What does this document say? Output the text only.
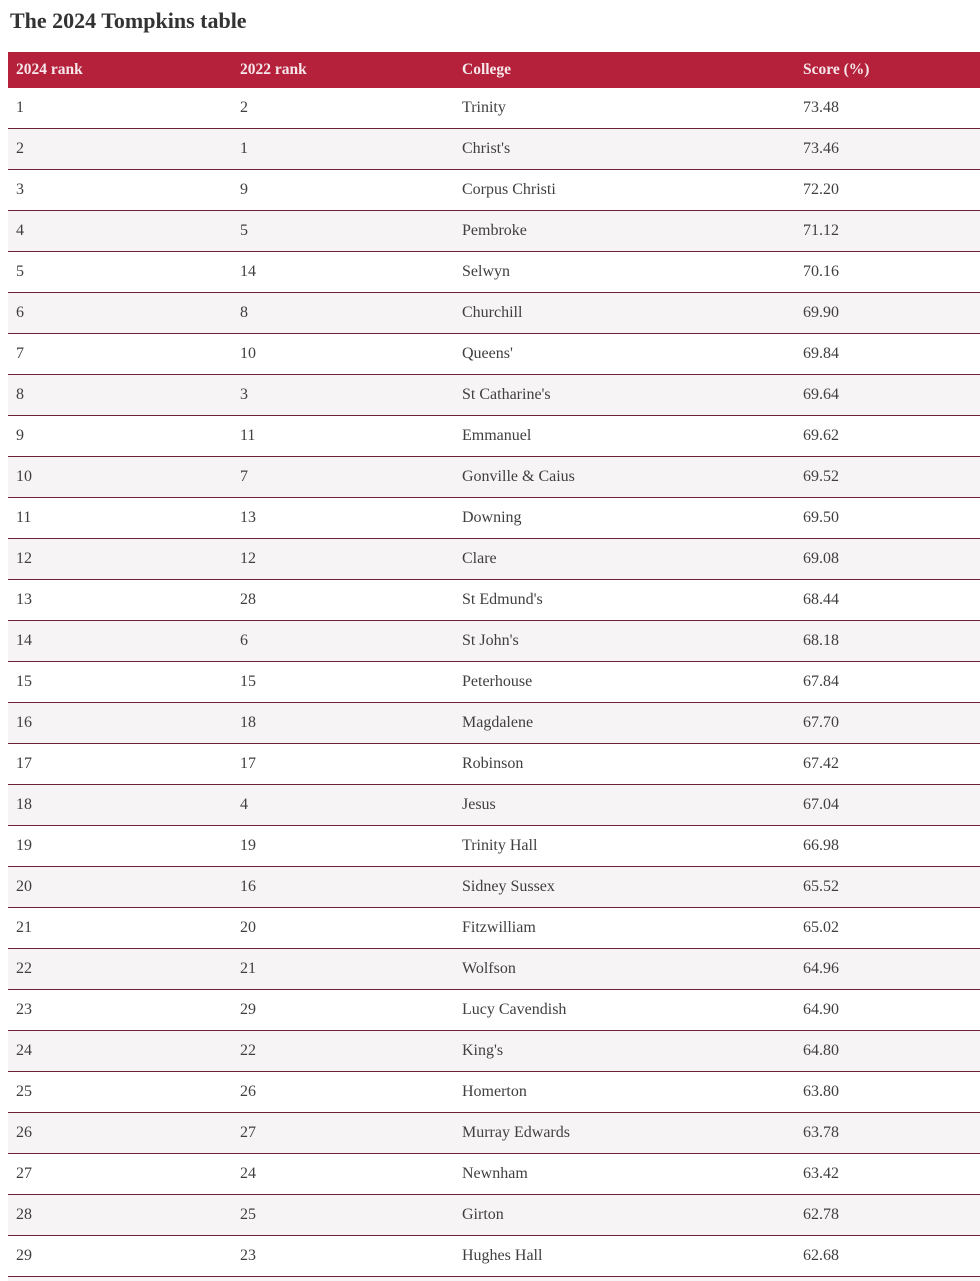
The 2024 Tompkins table
2024 rank	2022 rank	College	Score (%)
1	2	Trinity	73.48
2	1	Christ's	73.46
3	9	Corpus Christi	72.20
4	5	Pembroke	71.12
5	14	Selwyn	70.16
6	8	Churchill	69.90
7	10	Queens'	69.84
8	3	St Catharine's	69.64
9	11	Emmanuel	69.62
10	7	Gonville & Caius	69.52
11	13	Downing	69.50
12	12	Clare	69.08
13	28	St Edmund's	68.44
14	6	St John's	68.18
15	15	Peterhouse	67.84
16	18	Magdalene	67.70
17	17	Robinson	67.42
18	4	Jesus	67.04
19	19	Trinity Hall	66.98
20	16	Sidney Sussex	65.52
21	20	Fitzwilliam	65.02
22	21	Wolfson	64.96
23	29	Lucy Cavendish	64.90
24	22	King's	64.80
25	26	Homerton	63.80
26	27	Murray Edwards	63.78
27	24	Newnham	63.42
28	25	Girton	62.78
29	23	Hughes Hall	62.68
